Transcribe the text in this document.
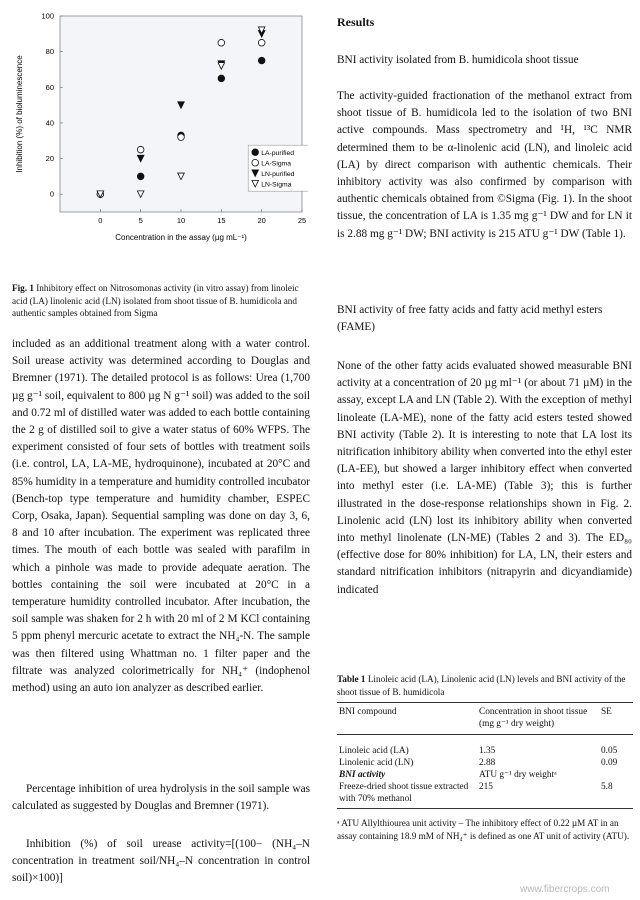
0	5	10	15	20	25
0
20
40
60
80
100
LA-purified
LA-Sigma
LN-purified
LN-Sigma
Concentration in the assay (µg mL⁻¹)
Inhibition (%) of bioluminescence

Fig. 1 Inhibitory effect on Nitrosomonas activity (in vitro assay) from linoleic acid (LA) linolenic acid (LN) isolated from shoot tissue of B. humidicola and authentic samples obtained from Sigma

included as an additional treatment along with a water control. Soil urease activity was determined according to Douglas and Bremner (1971). The detailed protocol is as follows: Urea (1,700 µg g⁻¹ soil, equivalent to 800 µg N g⁻¹ soil) was added to the soil and 0.72 ml of distilled water was added to each bottle containing the 2 g of distilled soil to give a water status of 60% WFPS. The experiment consisted of four sets of bottles with treatment soils (i.e. control, LA, LA-ME, hydroquinone), incubated at 20°C and 85% humidity in a temperature and humidity controlled incubator (Bench-top type temperature and humidity chamber, ESPEC Corp, Osaka, Japan). Sequential sampling was done on day 3, 6, 8 and 10 after incubation. The experiment was replicated three times. The mouth of each bottle was sealed with parafilm in which a pinhole was made to provide adequate aeration. The bottles containing the soil were incubated at 20°C in a temperature humidity controlled incubator. After incubation, the soil sample was shaken for 2 h with 20 ml of 2 M KCl containing 5 ppm phenyl mercuric acetate to extract the NH₄-N. The sample was then filtered using Whattman no. 1 filter paper and the filtrate was analyzed colorimetrically for NH₄⁺ (indophenol method) using an auto ion analyzer as described earlier.

Percentage inhibition of urea hydrolysis in the soil sample was calculated as suggested by Douglas and Bremner (1971).

Inhibition (%) of soil urease activity=[(100− (NH₄–N concentration in treatment soil/NH₄–N concentration in control soil)×100)]

Results
BNI activity isolated from B. humidicola shoot tissue

The activity-guided fractionation of the methanol extract from shoot tissue of B. humidicola led to the isolation of two BNI active compounds. Mass spectrometry and ¹H, ¹³C NMR determined them to be α-linolenic acid (LN), and linoleic acid (LA) by direct comparison with authentic chemicals. Their inhibitory activity was also confirmed by comparison with authentic chemicals obtained from ©Sigma (Fig. 1). In the shoot tissue, the concentration of LA is 1.35 mg g⁻¹ DW and for LN it is 2.88 mg g⁻¹ DW; BNI activity is 215 ATU g⁻¹ DW (Table 1).

BNI activity of free fatty acids and fatty acid methyl esters (FAME)

None of the other fatty acids evaluated showed measurable BNI activity at a concentration of 20 µg ml⁻¹ (or about 71 µM) in the assay, except LA and LN (Table 2). With the exception of methyl linoleate (LA-ME), none of the fatty acid esters tested showed BNI activity (Table 2). It is interesting to note that LA lost its nitrification inhibitory ability when converted into the ethyl ester (LA-EE), but showed a larger inhibitory effect when converted into methyl ester (i.e. LA-ME) (Table 3); this is further illustrated in the dose-response relationships shown in Fig. 2. Linolenic acid (LN) lost its inhibitory ability when converted into methyl linolenate (LN-ME) (Tables 2 and 3). The ED₈₀ (effective dose for 80% inhibition) for LA, LN, their esters and standard nitrification inhibitors (nitrapyrin and dicyandiamide) indicated

Table 1 Linoleic acid (LA), Linolenic acid (LN) levels and BNI activity of the shoot tissue of B. humidicola

BNI compound	Concentration in shoot tissue (mg g⁻¹ dry weight)	SE

Linoleic acid (LA)	1.35	0.05
Linolenic acid (LN)	2.88	0.09
BNI activity	ATU g⁻¹ dry weightᵃ	
Freeze-dried shoot tissue extracted with 70% methanol	215	5.8

ᵃ ATU Allylthiourea unit activity – The inhibitory effect of 0.22 µM AT in an assay containing 18.9 mM of NH₄⁺ is defined as one AT unit of activity (ATU).

www.fibercrops.com
